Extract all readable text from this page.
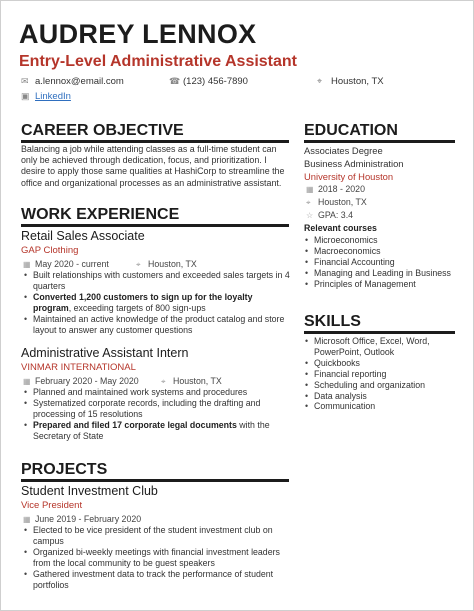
AUDREY LENNOX
Entry-Level Administrative Assistant
✉ a.lennox@email.com	☎ (123) 456-7890	⌖ Houston, TX
▣ LinkedIn
CAREER OBJECTIVE
Balancing a job while attending classes as a full-time student can only be achieved through dedication, focus, and prioritization. I desire to apply those same qualities at HashiCorp to streamline the office and organizational processes as an administrative assistant.
WORK EXPERIENCE
Retail Sales Associate
GAP Clothing
▦ May 2020 - current	⌖ Houston, TX
• Built relationships with customers and exceeded sales targets in 4 quarters
• Converted 1,200 customers to sign up for the loyalty program, exceeding targets of 800 sign-ups
• Maintained an active knowledge of the product catalog and store layout to answer any customer questions
Administrative Assistant Intern
VINMAR INTERNATIONAL
▦ February 2020 - May 2020	⌖ Houston, TX
• Planned and maintained work systems and procedures
• Systematized corporate records, including the drafting and processing of 15 resolutions
• Prepared and filed 17 corporate legal documents with the Secretary of State
PROJECTS
Student Investment Club
Vice President
▦ June 2019 - February 2020
• Elected to be vice president of the student investment club on campus
• Organized bi-weekly meetings with financial investment leaders from the local community to be guest speakers
• Gathered investment data to track the performance of student portfolios
EDUCATION
Associates Degree
Business Administration
University of Houston
▦ 2018 - 2020
⌖ Houston, TX
☆ GPA: 3.4
Relevant courses
• Microeconomics
• Macroeconomics
• Financial Accounting
• Managing and Leading in Business
• Principles of Management
SKILLS
• Microsoft Office, Excel, Word, PowerPoint, Outlook
• Quickbooks
• Financial reporting
• Scheduling and organization
• Data analysis
• Communication
